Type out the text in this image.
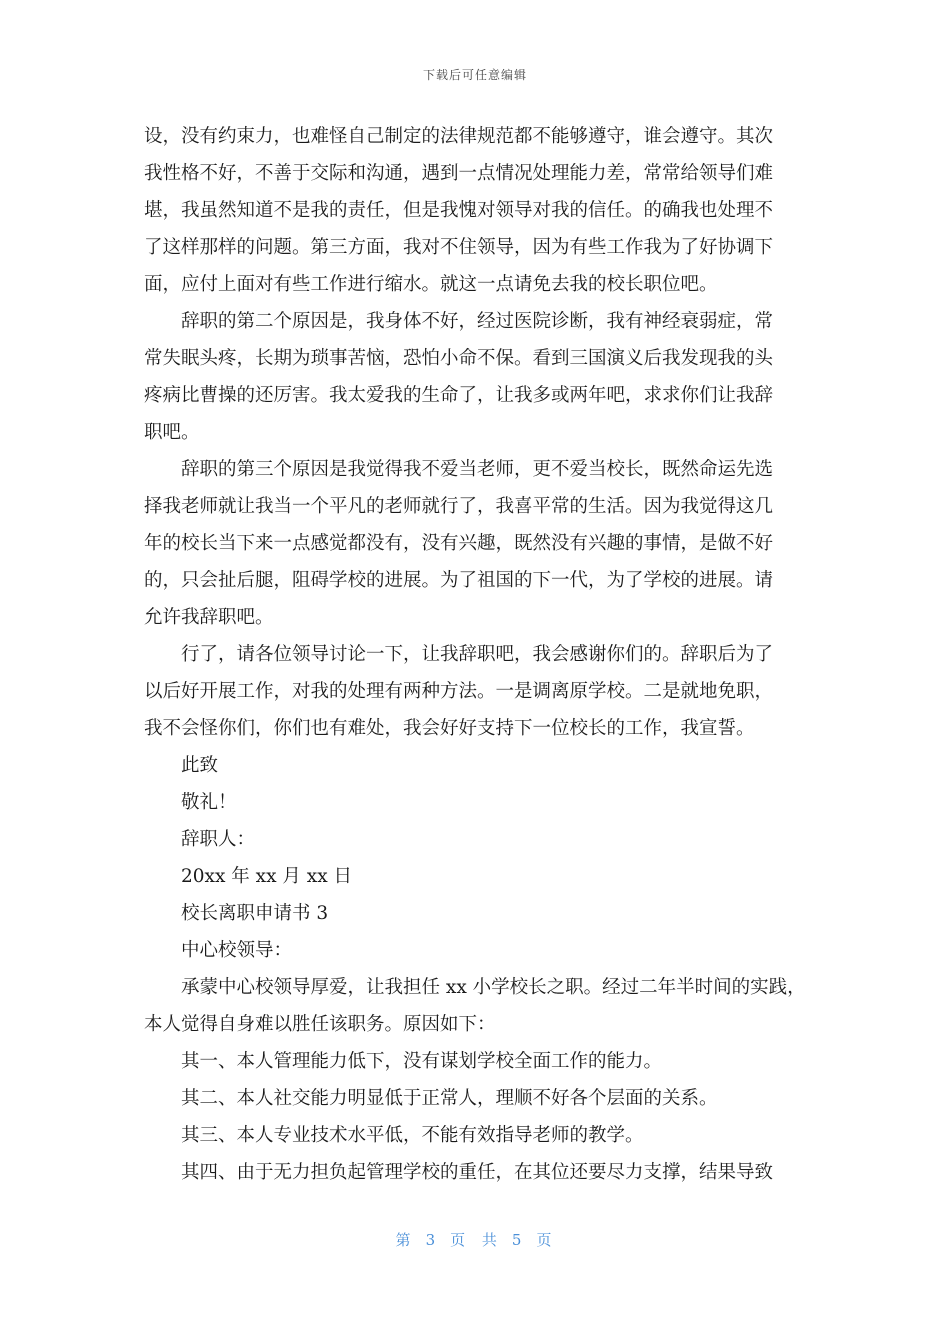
下载后可任意编辑
设，没有约束力，也难怪自己制定的法律规范都不能够遵守，谁会遵守。其次
我性格不好，不善于交际和沟通，遇到一点情况处理能力差，常常给领导们难
堪，我虽然知道不是我的责任，但是我愧对领导对我的信任。的确我也处理不
了这样那样的问题。第三方面，我对不住领导，因为有些工作我为了好协调下
面，应付上面对有些工作进行缩水。就这一点请免去我的校长职位吧。
辞职的第二个原因是，我身体不好，经过医院诊断，我有神经衰弱症，常
常失眠头疼，长期为琐事苦恼，恐怕小命不保。看到三国演义后我发现我的头
疼病比曹操的还厉害。我太爱我的生命了，让我多或两年吧，求求你们让我辞
职吧。
辞职的第三个原因是我觉得我不爱当老师，更不爱当校长，既然命运先选
择我老师就让我当一个平凡的老师就行了，我喜平常的生活。因为我觉得这几
年的校长当下来一点感觉都没有，没有兴趣，既然没有兴趣的事情，是做不好
的，只会扯后腿，阻碍学校的进展。为了祖国的下一代，为了学校的进展。请
允许我辞职吧。
行了，请各位领导讨论一下，让我辞职吧，我会感谢你们的。辞职后为了
以后好开展工作，对我的处理有两种方法。一是调离原学校。二是就地免职，
我不会怪你们，你们也有难处，我会好好支持下一位校长的工作，我宣誓。
此致
敬礼！
辞职人：
20xx 年 xx 月 xx 日
校长离职申请书 3
中心校领导：
承蒙中心校领导厚爱，让我担任 xx 小学校长之职。经过二年半时间的实践，
本人觉得自身难以胜任该职务。原因如下：
其一、本人管理能力低下，没有谋划学校全面工作的能力。
其二、本人社交能力明显低于正常人，理顺不好各个层面的关系。
其三、本人专业技术水平低，不能有效指导老师的教学。
其四、由于无力担负起管理学校的重任，在其位还要尽力支撑，结果导致
第 3 页 共 5 页
